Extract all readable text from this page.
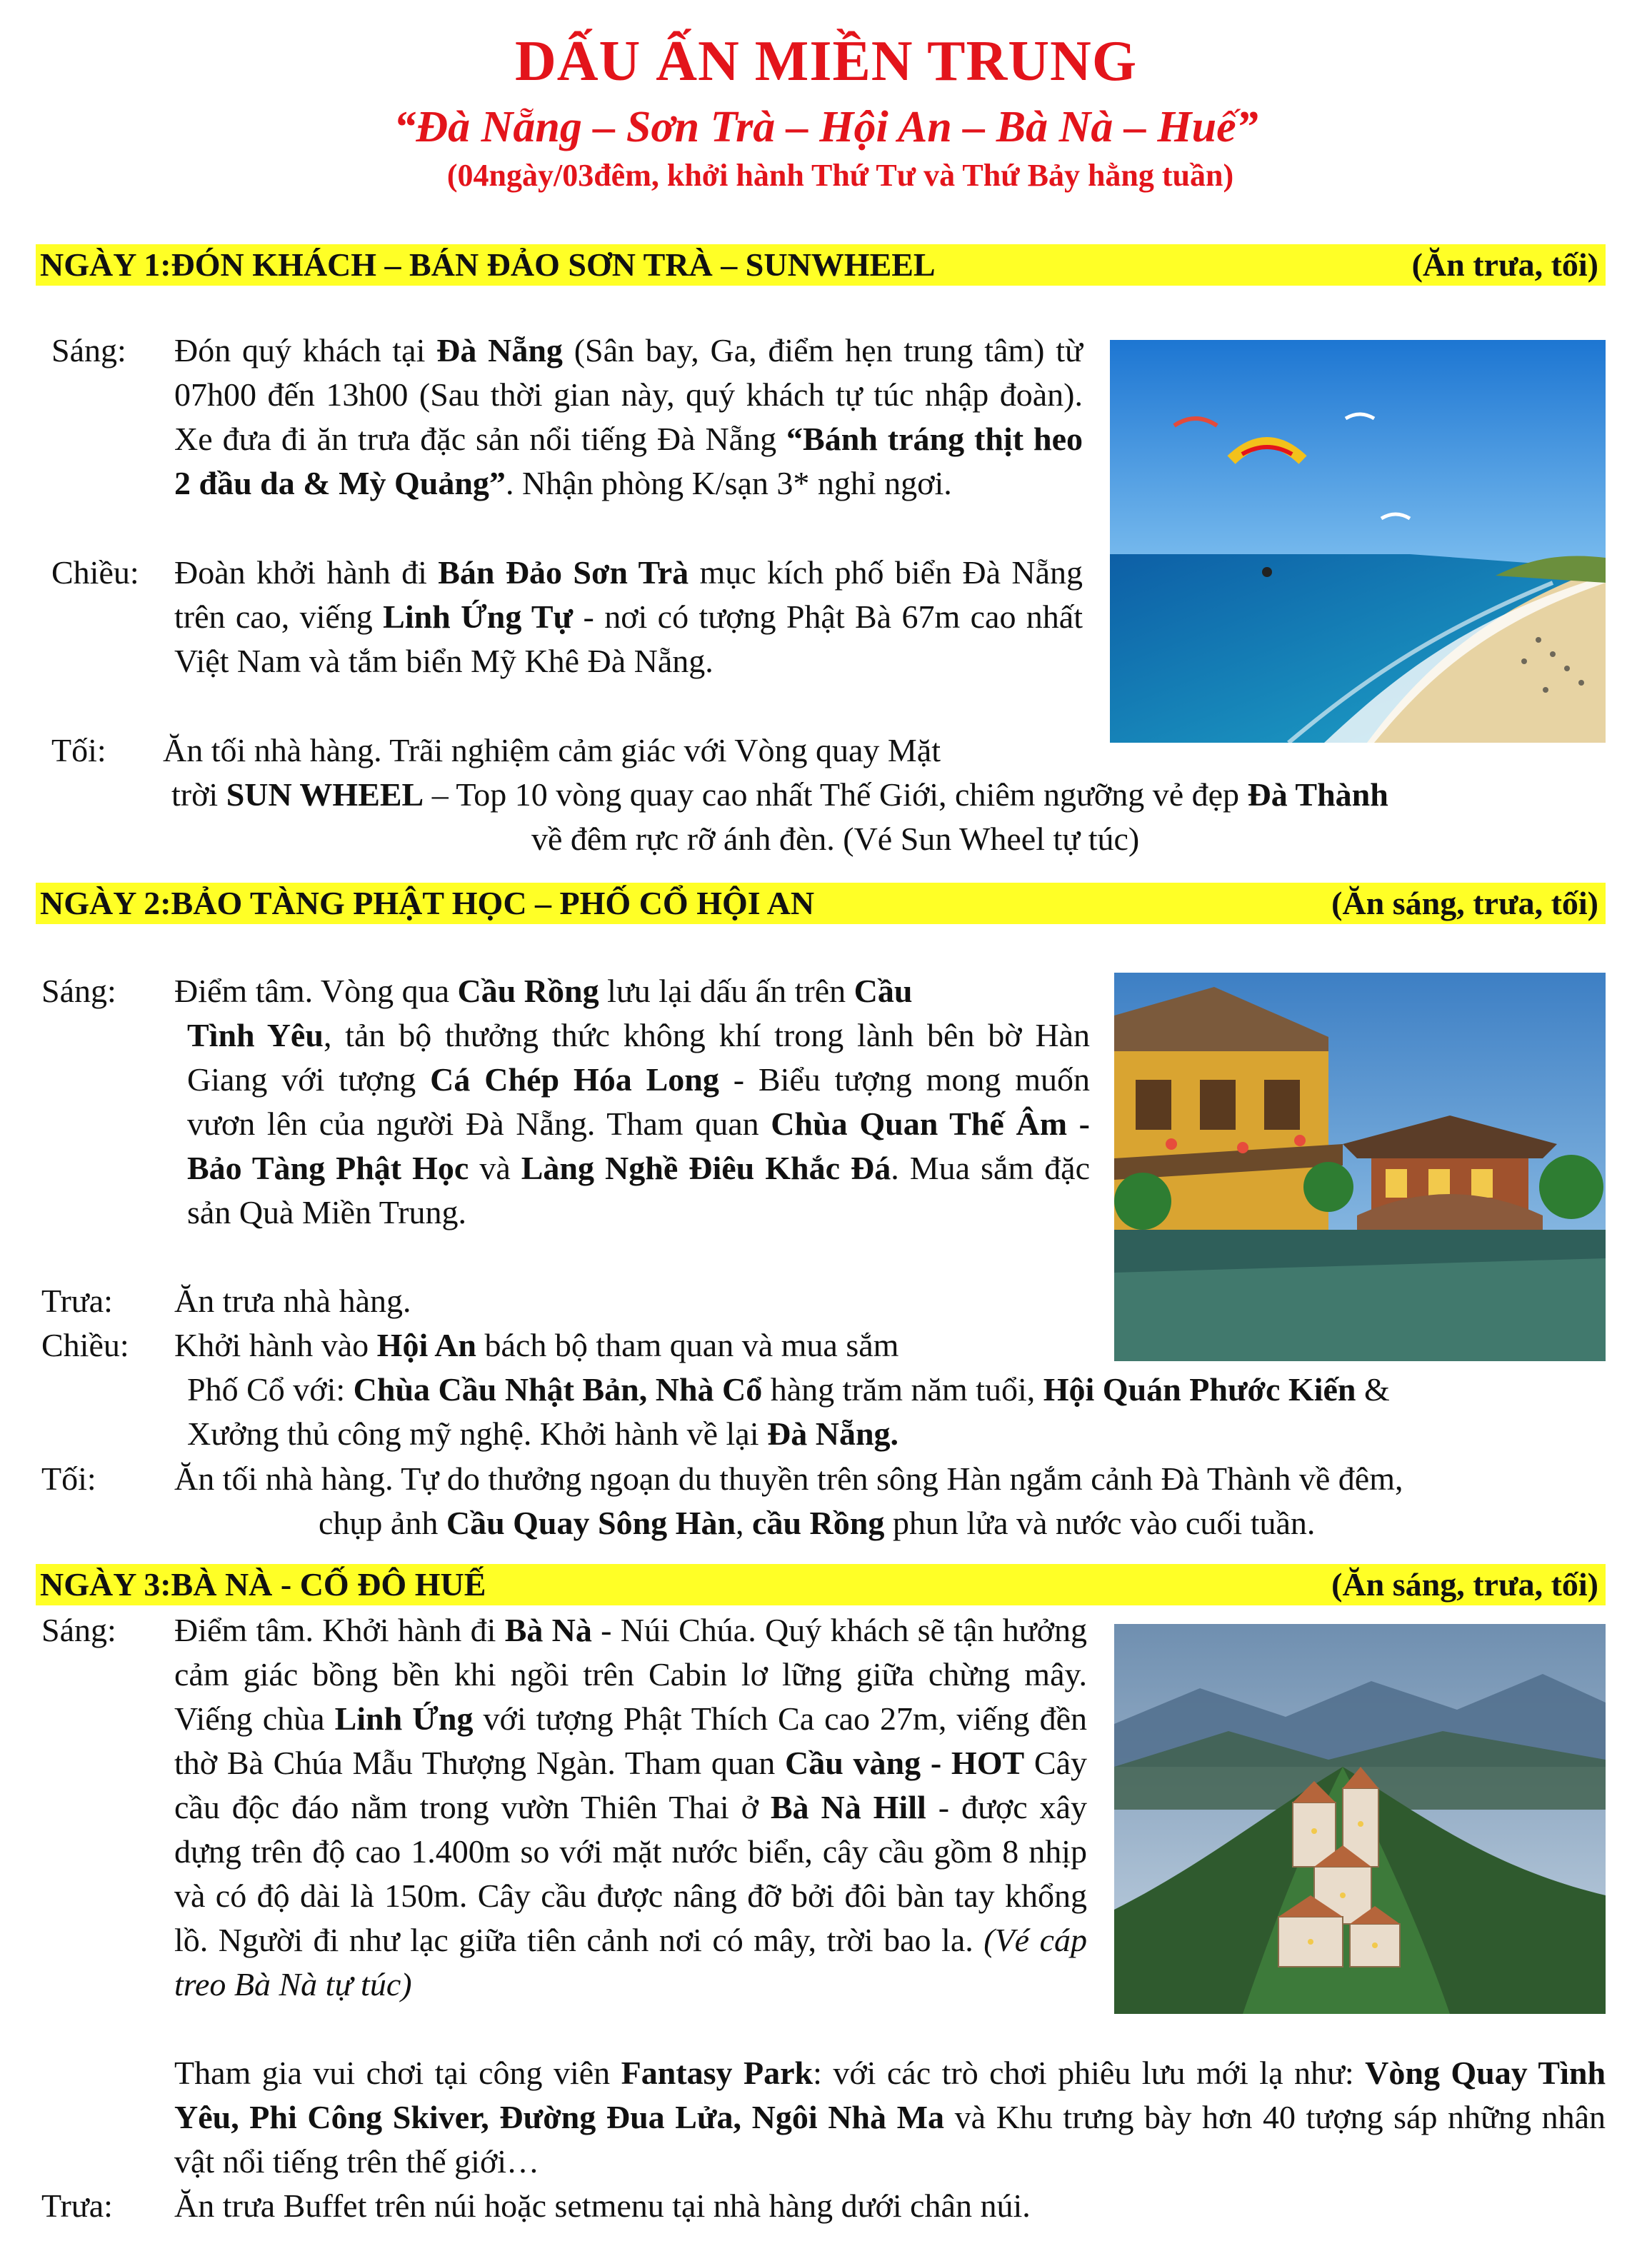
DẤU ẤN MIỀN TRUNG
“Đà Nẵng – Sơn Trà – Hội An – Bà Nà – Huế”
(04ngày/03đêm, khởi hành Thứ Tư và Thứ Bảy hằng tuần)
NGÀY 1:ĐÓN KHÁCH – BÁN ĐẢO SƠN TRÀ – SUNWHEEL	(Ăn trưa, tối)
Sáng: Đón quý khách tại Đà Nẵng (Sân bay, Ga, điểm hẹn trung tâm) từ 07h00 đến 13h00 (Sau thời gian này, quý khách tự túc nhập đoàn). Xe đưa đi ăn trưa đặc sản nổi tiếng Đà Nẵng “Bánh tráng thịt heo 2 đầu da & Mỳ Quảng”. Nhận phòng K/sạn 3* nghỉ ngơi.
Chiều: Đoàn khởi hành đi Bán Đảo Sơn Trà mục kích phố biển Đà Nẵng trên cao, viếng Linh Ứng Tự - nơi có tượng Phật Bà 67m cao nhất Việt Nam và tắm biển Mỹ Khê Đà Nẵng.
Tối: Ăn tối nhà hàng. Trãi nghiệm cảm giác với Vòng quay Mặt
trời SUN WHEEL – Top 10 vòng quay cao nhất Thế Giới, chiêm ngưỡng vẻ đẹp Đà Thành
về đêm rực rỡ ánh đèn. (Vé Sun Wheel tự túc)
NGÀY 2:BẢO TÀNG PHẬT HỌC – PHỐ CỔ HỘI AN	(Ăn sáng, trưa, tối)
Sáng: Điểm tâm. Vòng qua Cầu Rồng lưu lại dấu ấn trên Cầu
Tình Yêu, tản bộ thưởng thức không khí trong lành bên bờ Hàn Giang với tượng Cá Chép Hóa Long - Biểu tượng mong muốn vươn lên của người Đà Nẵng. Tham quan Chùa Quan Thế Âm - Bảo Tàng Phật Học và Làng Nghề Điêu Khắc Đá. Mua sắm đặc sản Quà Miền Trung.
Trưa: Ăn trưa nhà hàng.
Chiều: Khởi hành vào Hội An bách bộ tham quan và mua sắm
Phố Cổ với: Chùa Cầu Nhật Bản, Nhà Cổ hàng trăm năm tuổi, Hội Quán Phước Kiến &
Xưởng thủ công mỹ nghệ. Khởi hành về lại Đà Nẵng.
Tối: Ăn tối nhà hàng. Tự do thưởng ngoạn du thuyền trên sông Hàn ngắm cảnh Đà Thành về đêm,
chụp ảnh Cầu Quay Sông Hàn, cầu Rồng phun lửa và nước vào cuối tuần.
NGÀY 3:BÀ NÀ - CỐ ĐÔ HUẾ	(Ăn sáng, trưa, tối)
Sáng: Điểm tâm. Khởi hành đi Bà Nà - Núi Chúa. Quý khách sẽ tận hưởng cảm giác bồng bền khi ngồi trên Cabin lơ lững giữa chừng mây. Viếng chùa Linh Ứng với tượng Phật Thích Ca cao 27m, viếng đền thờ Bà Chúa Mẫu Thượng Ngàn. Tham quan Cầu vàng - HOT Cây cầu độc đáo nằm trong vườn Thiên Thai ở Bà Nà Hill - được xây dựng trên độ cao 1.400m so với mặt nước biển, cây cầu gồm 8 nhịp và có độ dài là 150m. Cây cầu được nâng đỡ bởi đôi bàn tay khổng lồ. Người đi như lạc giữa tiên cảnh nơi có mây, trời bao la. (Vé cáp treo Bà Nà tự túc)
Tham gia vui chơi tại công viên Fantasy Park: với các trò chơi phiêu lưu mới lạ như: Vòng Quay Tình Yêu, Phi Công Skiver, Đường Đua Lửa, Ngôi Nhà Ma và Khu trưng bày hơn 40 tượng sáp những nhân vật nổi tiếng trên thế giới…
Trưa: Ăn trưa Buffet trên núi hoặc setmenu tại nhà hàng dưới chân núi.
